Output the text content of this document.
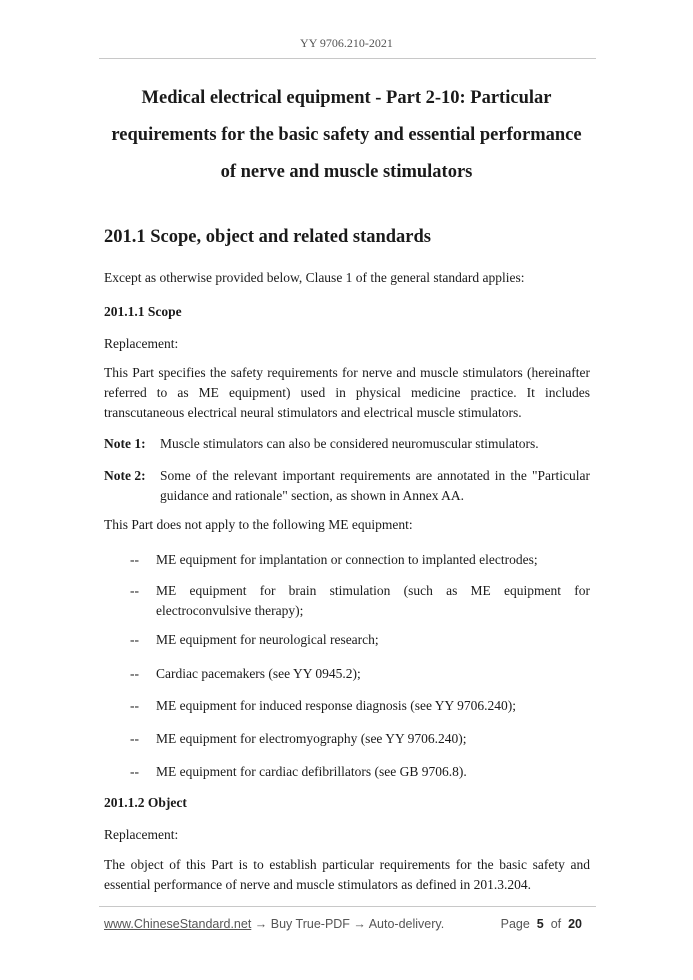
YY 9706.210-2021
Medical electrical equipment - Part 2-10: Particular
requirements for the basic safety and essential performance
of nerve and muscle stimulators
201.1 Scope, object and related standards
Except as otherwise provided below, Clause 1 of the general standard applies:
201.1.1 Scope
Replacement:
This Part specifies the safety requirements for nerve and muscle stimulators (hereinafter referred to as ME equipment) used in physical medicine practice. It includes transcutaneous electrical neural stimulators and electrical muscle stimulators.
Note 1:	Muscle stimulators can also be considered neuromuscular stimulators.
Note 2:	Some of the relevant important requirements are annotated in the "Particular guidance and rationale" section, as shown in Annex AA.
This Part does not apply to the following ME equipment:
--	ME equipment for implantation or connection to implanted electrodes;
--	ME equipment for brain stimulation (such as ME equipment for electroconvulsive therapy);
--	ME equipment for neurological research;
--	Cardiac pacemakers (see YY 0945.2);
--	ME equipment for induced response diagnosis (see YY 9706.240);
--	ME equipment for electromyography (see YY 9706.240);
--	ME equipment for cardiac defibrillators (see GB 9706.8).
201.1.2 Object
Replacement:
The object of this Part is to establish particular requirements for the basic safety and essential performance of nerve and muscle stimulators as defined in 201.3.204.
www.ChineseStandard.net → Buy True-PDF → Auto-delivery.	Page 5 of 20
